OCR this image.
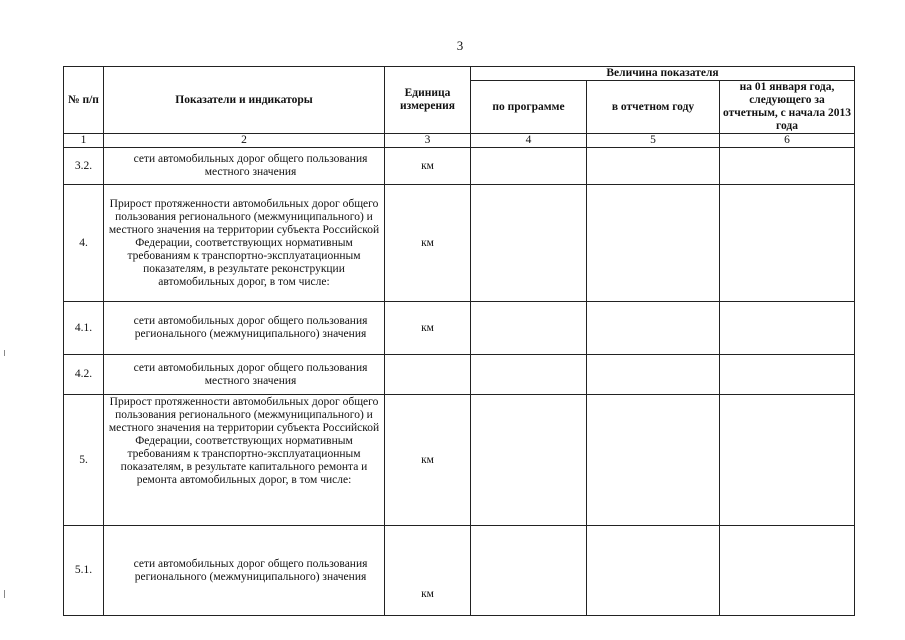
3
№ п/п	Показатели и индикаторы	Единица измерения	Величина показателя		
			по программе	в отчетном году	на 01 января года, следующего за отчетным, с начала 2013 года
1	2	3	4	5	6
3.2.	сети автомобильных дорог общего пользования местного значения	км			
4.	Прирост протяженности автомобильных дорог общего пользования регионального (межмуниципального) и местного значения на территории субъекта Российской Федерации, соответствующих нормативным требованиям к транспортно-эксплуатационным показателям, в результате реконструкции автомобильных дорог, в том числе:	км			
4.1.	сети автомобильных дорог общего пользования регионального (межмуниципального) значения	км			
4.2.	сети автомобильных дорог общего пользования местного значения				
5.	Прирост протяженности автомобильных дорог общего пользования регионального (межмуниципального) и местного значения на территории субъекта Российской Федерации, соответствующих нормативным требованиям к транспортно-эксплуатационным показателям, в результате капитального ремонта и ремонта автомобильных дорог, в том числе:	км			
5.1.	сети автомобильных дорог общего пользования регионального (межмуниципального) значения	км			
